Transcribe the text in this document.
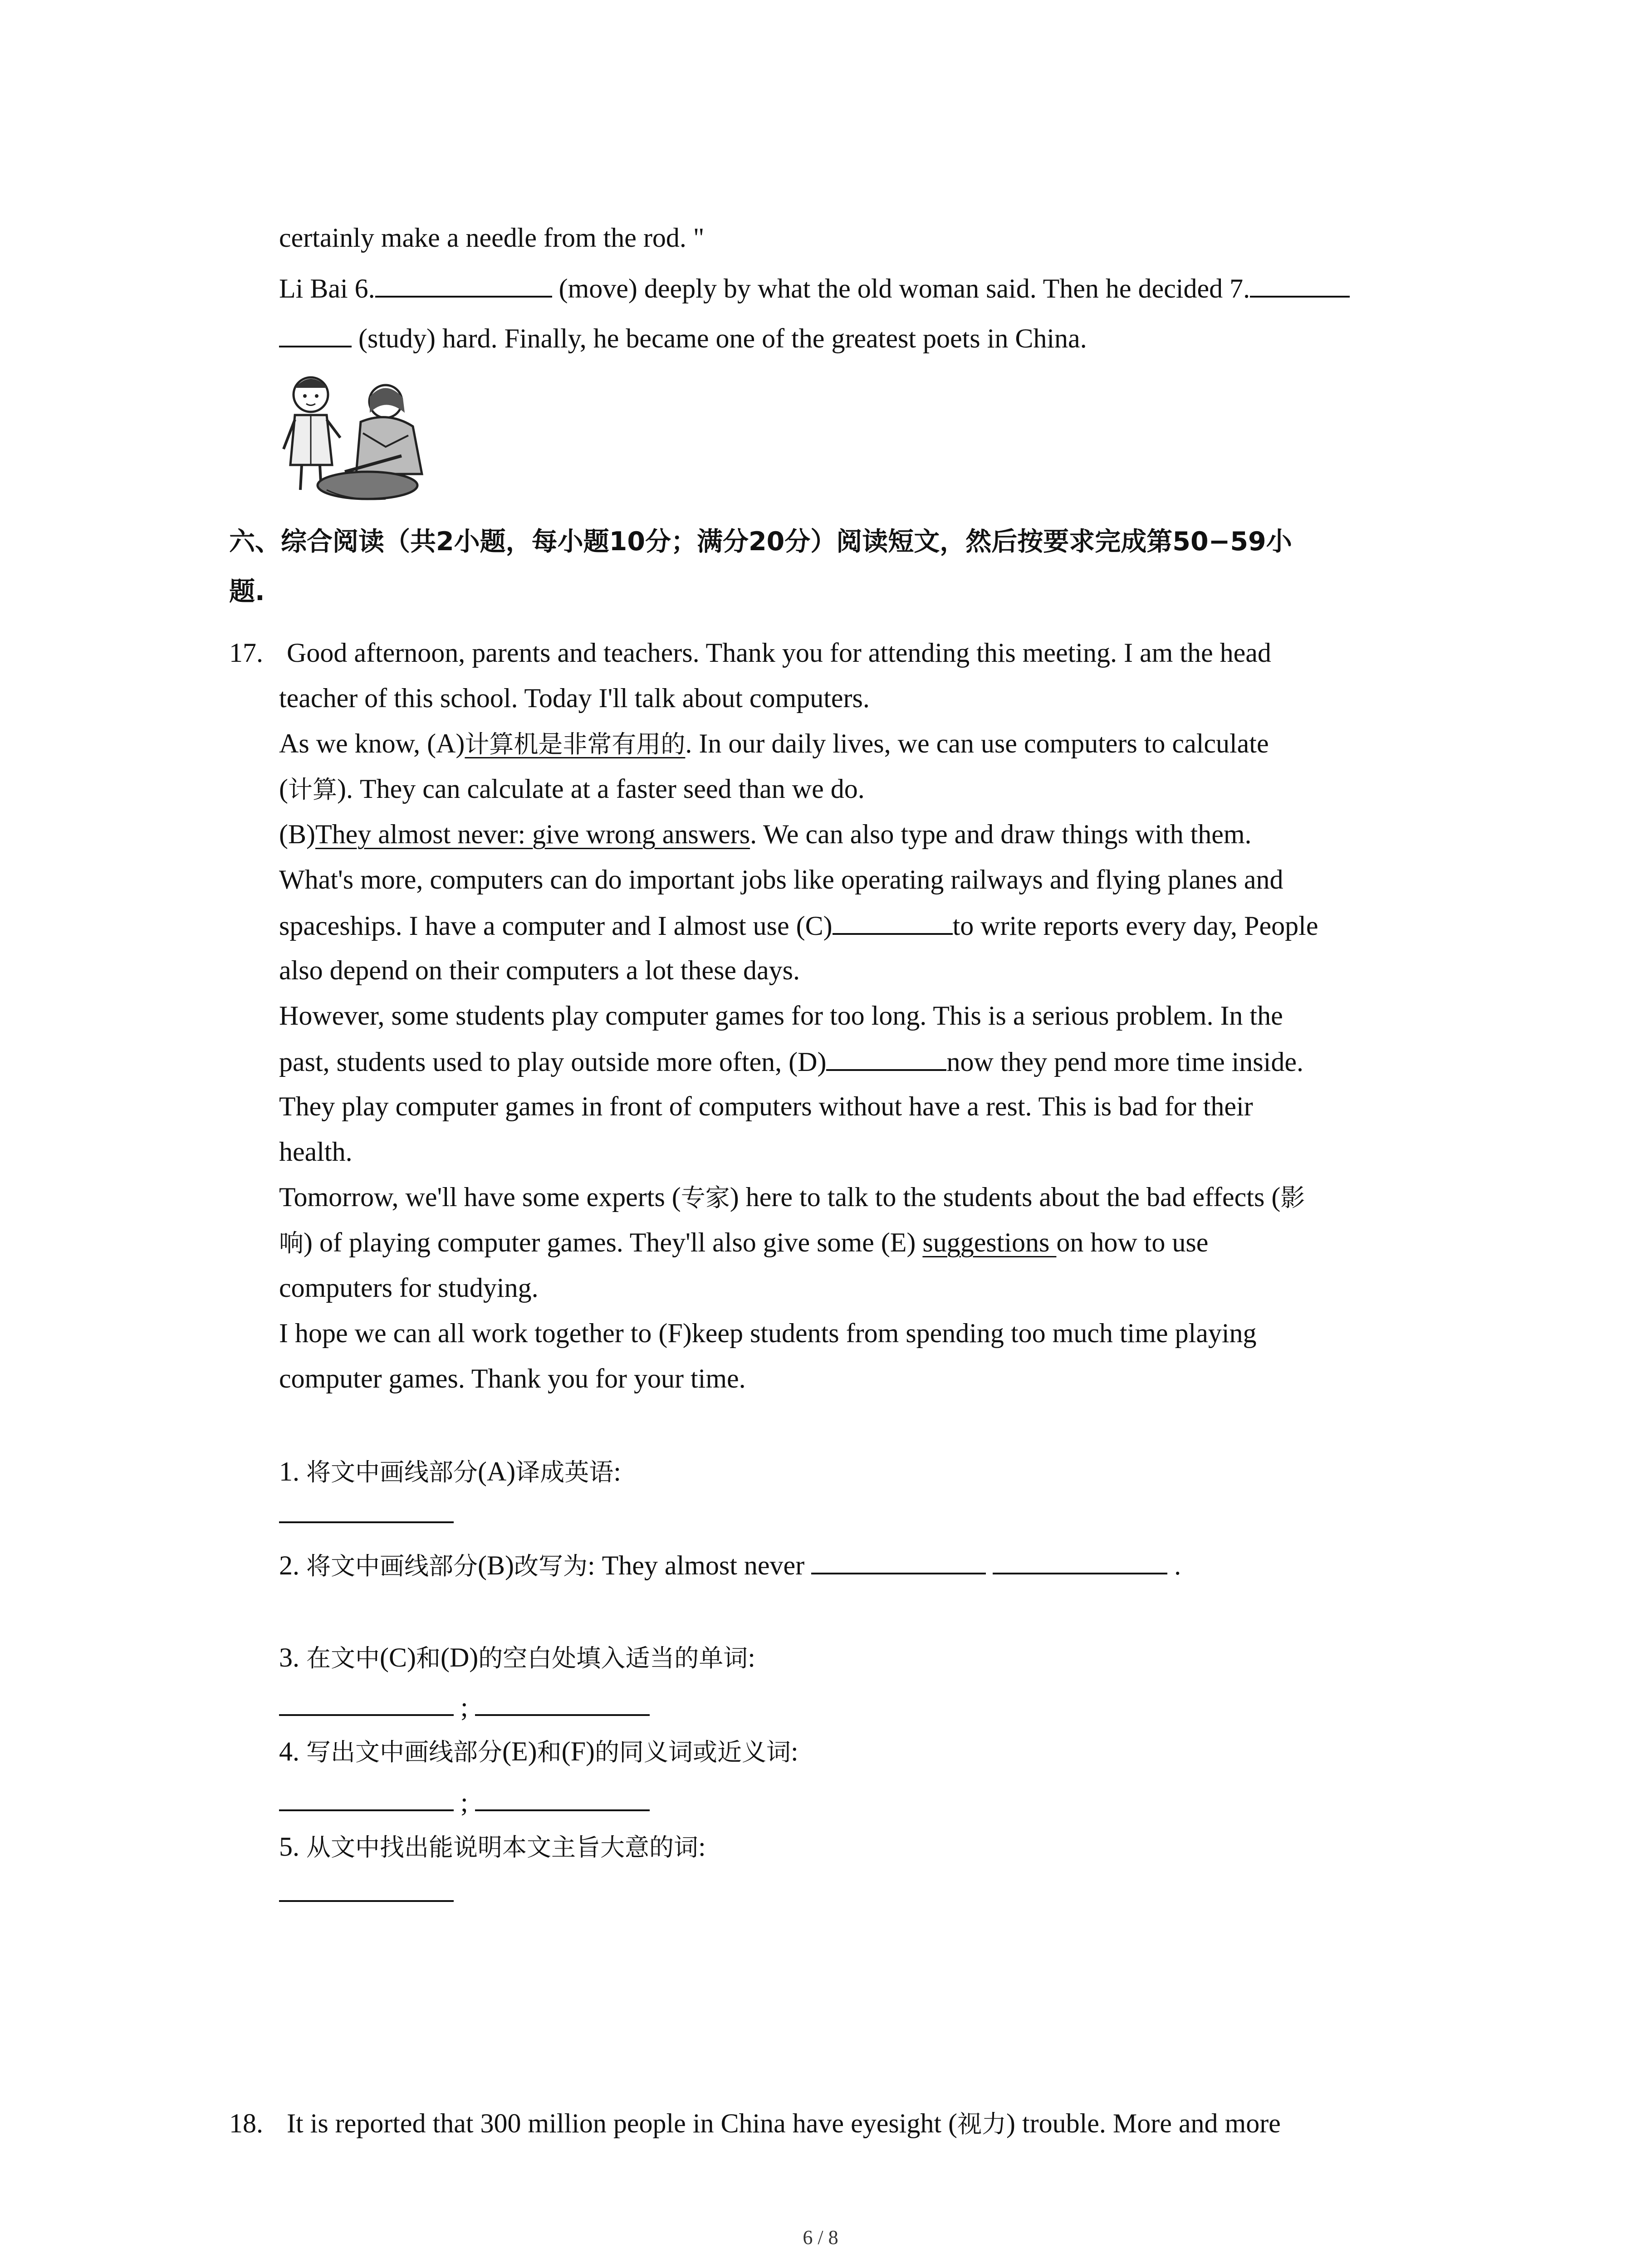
certainly make a needle from the rod. "
Li Bai 6.	(move) deeply by what the old woman said. Then he decided 7.
(study) hard. Finally, he became one of the greatest poets in China.
六、综合阅读（共2小题，每小题10分；满分20分）阅读短文，然后按要求完成第50−59小
题.
17. Good afternoon, parents and teachers. Thank you for attending this meeting. I am the head
teacher of this school. Today I'll talk about computers.
As we know, (A)计算机是非常有用的. In our daily lives, we can use computers to calculate
(计算). They can calculate at a faster seed than we do.
(B)They almost never: give wrong answers. We can also type and draw things with them.
What's more, computers can do important jobs like operating railways and flying planes and
spaceships. I have a computer and I almost use (C)	to write reports every day, People
also depend on their computers a lot these days.
However, some students play computer games for too long. This is a serious problem. In the
past, students used to play outside more often, (D)	now they pend more time inside.
They play computer games in front of computers without have a rest. This is bad for their
health.
Tomorrow, we'll have some experts (专家) here to talk to the students about the bad effects (影
响) of playing computer games. They'll also give some (E) suggestions on how to use
computers for studying.
I hope we can all work together to (F)keep students from spending too much time playing
computer games. Thank you for your time.
1. 将文中画线部分(A)译成英语:
2. 将文中画线部分(B)改写为: They almost never	.
3. 在文中(C)和(D)的空白处填入适当的单词:
;
4. 写出文中画线部分(E)和(F)的同义词或近义词:
;
5. 从文中找出能说明本文主旨大意的词:
18. It is reported that 300 million people in China have eyesight (视力) trouble. More and more
6 / 8
